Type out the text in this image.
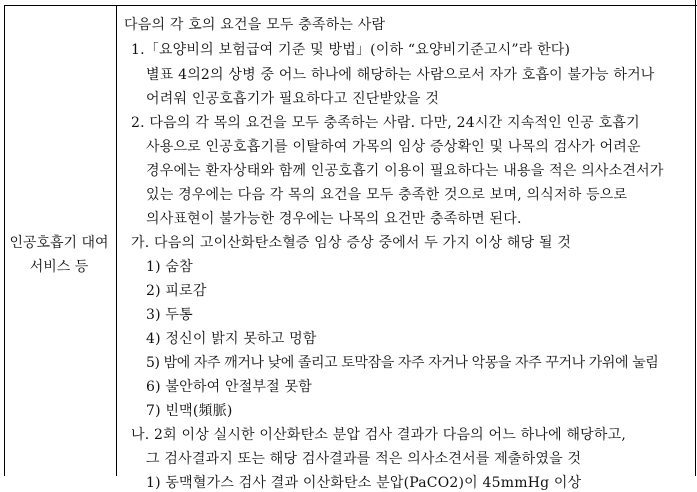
인공호흡기 대여
서비스 등
다음의 각 호의 요건을 모두 충족하는 사람
1.「요양비의 보험급여 기준 및 방법」(이하 “요양비기준고시”라 한다)
별표 4의2의 상병 중 어느 하나에 해당하는 사람으로서 자가 호흡이 불가능 하거나
어려워 인공호흡기가 필요하다고 진단받았을 것
2. 다음의 각 목의 요건을 모두 충족하는 사람. 다만, 24시간 지속적인 인공 호흡기
사용으로 인공호흡기를 이탈하여 가목의 임상 증상확인 및 나목의 검사가 어려운
경우에는 환자상태와 함께 인공호흡기 이용이 필요하다는 내용을 적은 의사소견서가
있는 경우에는 다음 각 목의 요건을 모두 충족한 것으로 보며, 의식저하 등으로
의사표현이 불가능한 경우에는 나목의 요건만 충족하면 된다.
가. 다음의 고이산화탄소혈증 임상 증상 중에서 두 가지 이상 해당 될 것
1) 숨참
2) 피로감
3) 두통
4) 정신이 밝지 못하고 멍함
5) 밤에 자주 깨거나 낮에 졸리고 토막잠을 자주 자거나 악몽을 자주 꾸거나 가위에 눌림
6) 불안하여 안절부절 못함
7) 빈맥(頻脈)
나. 2회 이상 실시한 이산화탄소 분압 검사 결과가 다음의 어느 하나에 해당하고,
그 검사결과지 또는 해당 검사결과를 적은 의사소견서를 제출하였을 것
1) 동맥혈가스 검사 결과 이산화탄소 분압(PaCO2)이 45mmHg 이상
